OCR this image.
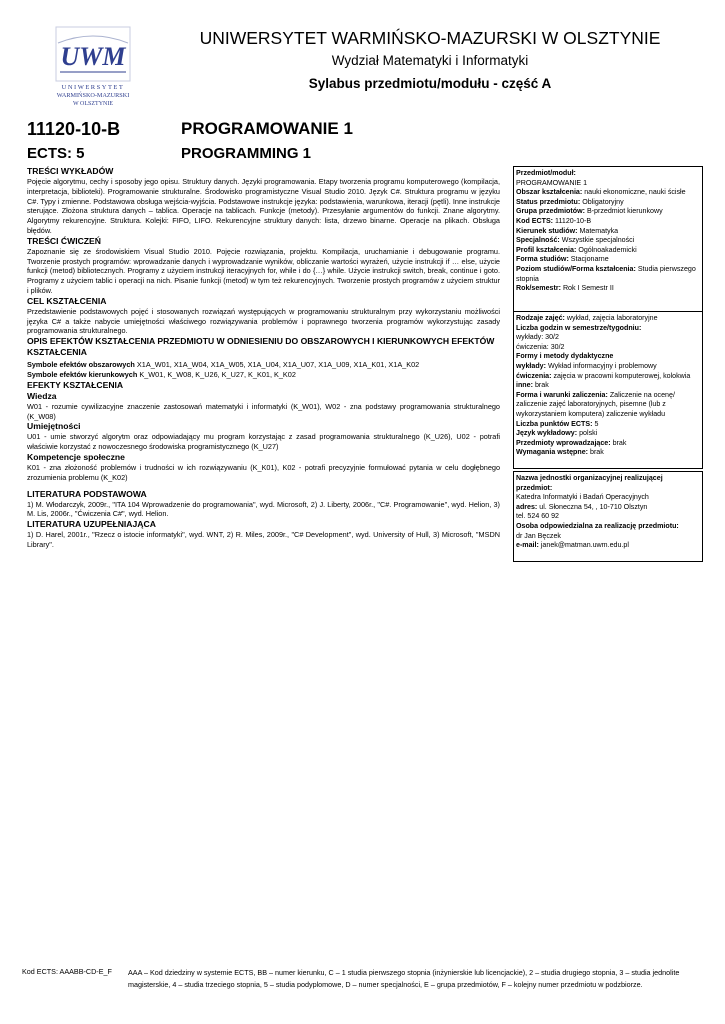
UWM
UNIWERSYTET
WARMIŃSKO-MAZURSKI
W OLSZTYNIE
UNIWERSYTET WARMIŃSKO-MAZURSKI W OLSZTYNIE
Wydział Matematyki i Informatyki
Sylabus przedmiotu/modułu - część A
11120-10-B	PROGRAMOWANIE 1
ECTS: 5	PROGRAMMING 1
TREŚCI WYKŁADÓW

Pojęcie algorytmu, cechy i sposoby jego opisu. Struktury danych. Języki programowania. Etapy tworzenia programu komputerowego (kompilacja, interpretacja, biblioteki). Programowanie strukturalne. Środowisko programistyczne Visual Studio 2010. Język C#. Struktura programu w języku C#. Typy i zmienne. Podstawowa obsługa wejścia-wyjścia. Podstawowe instrukcje języka: podstawienia, warunkowa, iteracji (pętli). Inne instrukcje sterujące. Złożona struktura danych – tablica. Operacje na tablicach. Funkcje (metody). Przesyłanie argumentów do funkcji. Znane algorytmy. Algorytmy rekurencyjne. Struktura. Kolejki: FIFO, LIFO. Rekurencyjne struktury danych: lista, drzewo binarne. Operacje na plikach. Obsługa błędów.

TREŚCI ĆWICZEŃ

Zapoznanie się ze środowiskiem Visual Studio 2010. Pojęcie rozwiązania, projektu. Kompilacja, uruchamianie i debugowanie programu. Tworzenie prostych programów: wprowadzanie danych i wyprowadzanie wyników, obliczanie wartości wyrażeń, użycie instrukcji if … else, użycie funkcji (metod) bibliotecznych. Programy z użyciem instrukcji iteracyjnych for, while i do {…} while. Użycie instrukcji switch, break, continue i goto. Programy z użyciem tablic i operacji na nich. Pisanie funkcji (metod) w tym też rekurencyjnych. Tworzenie prostych programów z użyciem struktur i plików.

CEL KSZTAŁCENIA

Przedstawienie podstawowych pojęć i stosowanych rozwiązań występujących w programowaniu strukturalnym przy wykorzystaniu możliwości języka C# a także nabycie umiejętności właściwego rozwiązywania problemów i poprawnego tworzenia programów wykorzystując zasady programowania strukturalnego.

OPIS EFEKTÓW KSZTAŁCENIA PRZEDMIOTU W ODNIESIENIU DO OBSZAROWYCH I KIERUNKOWYCH EFEKTÓW KSZTAŁCENIA

Symbole efektów obszarowych X1A_W01, X1A_W04, X1A_W05, X1A_U04, X1A_U07, X1A_U09, X1A_K01, X1A_K02

Symbole efektów kierunkowych K_W01, K_W08, K_U26, K_U27, K_K01, K_K02

EFEKTY KSZTAŁCENIA
Wiedza

W01 - rozumie cywilizacyjne znaczenie zastosowań matematyki i informatyki (K_W01), W02 - zna podstawy programowania strukturalnego (K_W08)

Umiejętności

U01 - umie stworzyć algorytm oraz odpowiadający mu program korzystając z zasad programowania strukturalnego (K_U26), U02 - potrafi właściwie korzystać z nowoczesnego środowiska programistycznego (K_U27)

Kompetencje społeczne

K01 - zna złożoność problemów i trudności w ich rozwiązywaniu (K_K01), K02 - potrafi precyzyjnie formułować pytania w celu dogłębnego zrozumienia problemu (K_K02)

LITERATURA PODSTAWOWA

1) M. Włodarczyk, 2009r., "ITA 104 Wprowadzenie do programowania", wyd. Microsoft, 2) J. Liberty, 2006r., "C#. Programowanie", wyd. Helion, 3) M. Lis, 2006r., "Ćwiczenia C#", wyd. Helion.

LITERATURA UZUPEŁNIAJĄCA

1) D. Harel, 2001r., "Rzecz o istocie informatyki", wyd. WNT, 2) R. Miles, 2009r., "C# Development", wyd. University of Hull, 3) Microsoft, "MSDN Library".

Przedmiot/moduł:
PROGRAMOWANIE 1
Obszar kształcenia: nauki ekonomiczne, nauki ścisłe
Status przedmiotu: Obligatoryjny
Grupa przedmiotów: B-przedmiot kierunkowy
Kod ECTS: 11120-10-B
Kierunek studiów: Matematyka
Specjalność: Wszystkie specjalności
Profil kształcenia: Ogólnoakademicki
Forma studiów: Stacjonarne
Poziom studiów/Forma kształcenia: Studia pierwszego stopnia
Rok/semestr: Rok I Semestr II
Rodzaje zajęć: wykład, zajęcia laboratoryjne
Liczba godzin w semestrze/tygodniu:
wykłady: 30/2
ćwiczenia: 30/2
Formy i metody dydaktyczne
wykłady: Wykład informacyjny i problemowy
ćwiczenia: zajęcia w pracowni komputerowej, kolokwia
inne: brak
Forma i warunki zaliczenia: Zaliczenie na ocenę/ zaliczenie zajęć laboratoryjnych, pisemne (lub z wykorzystaniem komputera) zaliczenie wykładu
Liczba punktów ECTS: 5
Język wykładowy: polski
Przedmioty wprowadzające: brak
Wymagania wstępne: brak
Nazwa jednostki organizacyjnej realizującej przedmiot:
Katedra Informatyki i Badań Operacyjnych
adres: ul. Słoneczna 54, , 10-710 Olsztyn
tel. 524 60 92
Osoba odpowiedzialna za realizację przedmiotu:
dr Jan Bęczek
e-mail: janek@matman.uwm.edu.pl
Kod ECTS: AAABB-CD-E_F AAA – Kod dziedziny w systemie ECTS, BB – numer kierunku, C – 1 studia pierwszego stopnia (inżynierskie lub licencjackie), 2 – studia drugiego stopnia, 3 – studia jednolite magisterskie, 4 – studia trzeciego stopnia, 5 – studia podyplomowe, D – numer specjalności, E – grupa przedmiotów, F – kolejny numer przedmiotu w podzbiorze.
